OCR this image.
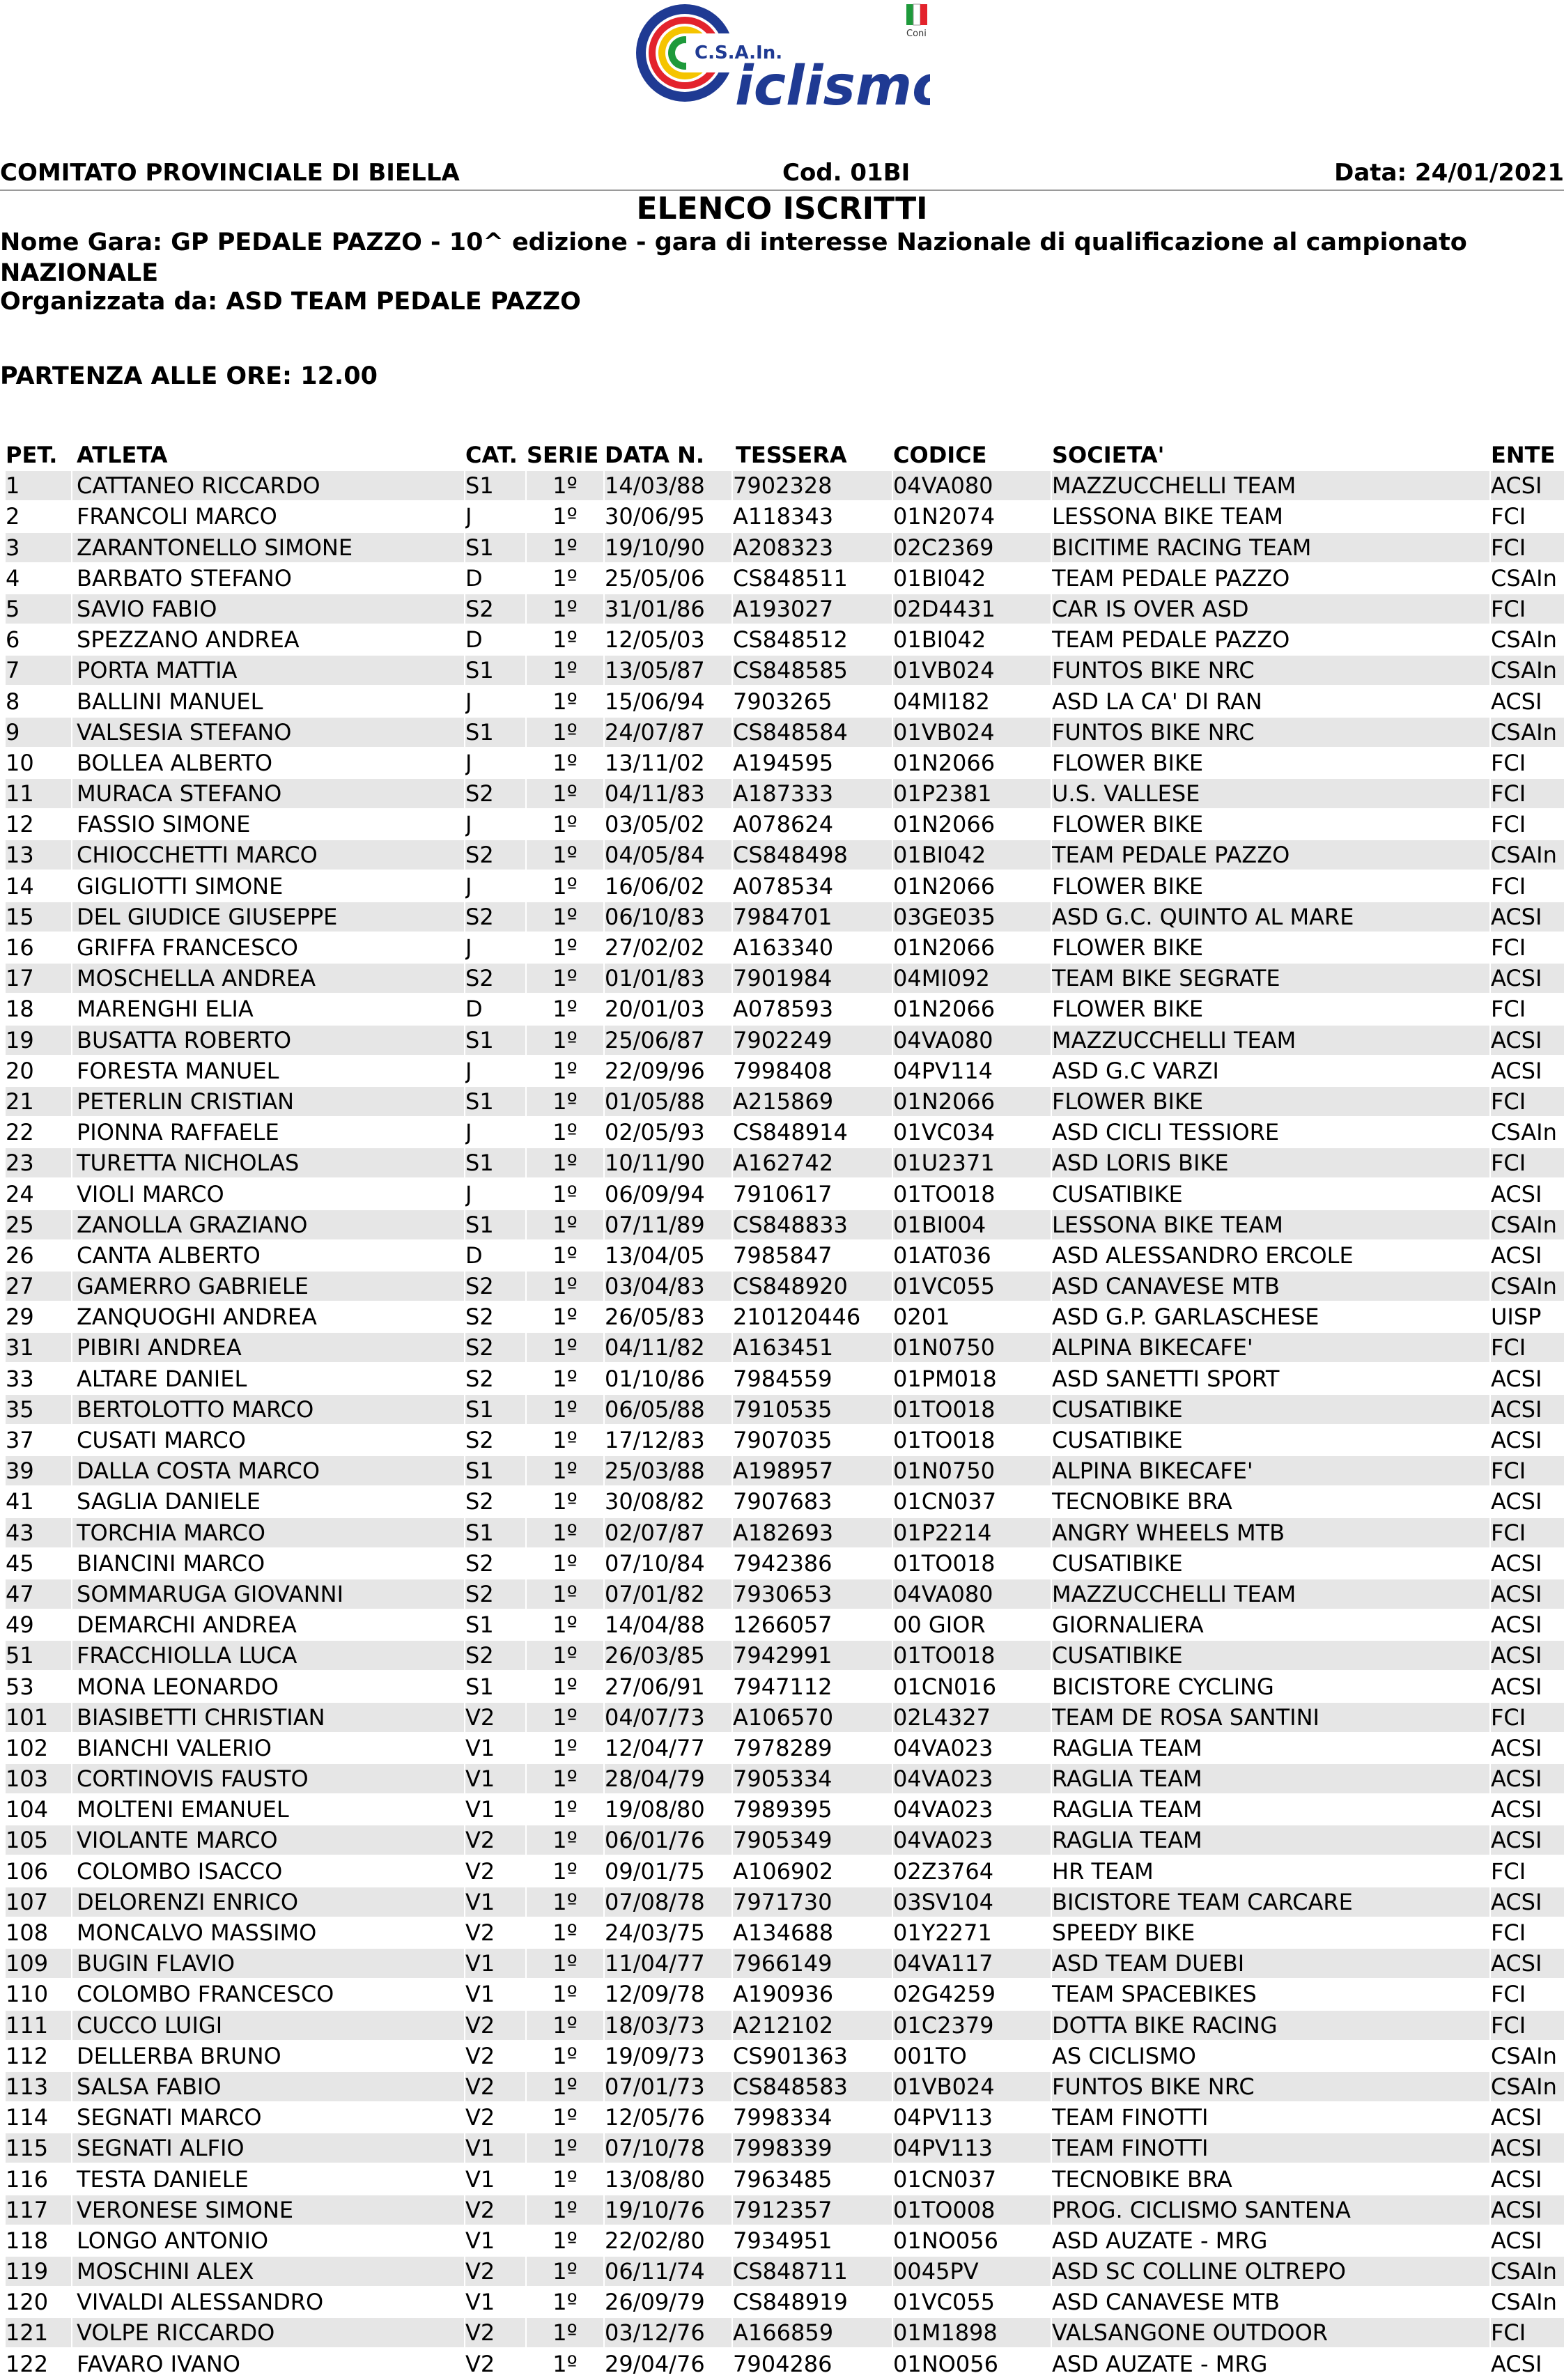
C.S.A.In.
iclismo
Coni
COMITATO PROVINCIALE DI BIELLA	Cod. 01BI	Data: 24/01/2021
ELENCO ISCRITTI
Nome Gara: GP PEDALE PAZZO - 10^ edizione - gara di interesse Nazionale di qualificazione al campionato NAZIONALE
Organizzata da: ASD TEAM PEDALE PAZZO
PARTENZA ALLE ORE: 12.00
PET. ATLETA	CAT. SERIE DATA N.	TESSERA	CODICE	SOCIETA'	ENTE
1	CATTANEO RICCARDO	S1	1º	14/03/88	7902328	04VA080	MAZZUCCHELLI TEAM	ACSI
2	FRANCOLI MARCO	J	1º	30/06/95	A118343	01N2074	LESSONA BIKE TEAM	FCI
3	ZARANTONELLO SIMONE	S1	1º	19/10/90	A208323	02C2369	BICITIME RACING TEAM	FCI
4	BARBATO STEFANO	D	1º	25/05/06	CS848511	01BI042	TEAM PEDALE PAZZO	CSAIn
5	SAVIO FABIO	S2	1º	31/01/86	A193027	02D4431	CAR IS OVER ASD	FCI
6	SPEZZANO ANDREA	D	1º	12/05/03	CS848512	01BI042	TEAM PEDALE PAZZO	CSAIn
7	PORTA MATTIA	S1	1º	13/05/87	CS848585	01VB024	FUNTOS BIKE NRC	CSAIn
8	BALLINI MANUEL	J	1º	15/06/94	7903265	04MI182	ASD LA CA' DI RAN	ACSI
9	VALSESIA STEFANO	S1	1º	24/07/87	CS848584	01VB024	FUNTOS BIKE NRC	CSAIn
10	BOLLEA ALBERTO	J	1º	13/11/02	A194595	01N2066	FLOWER BIKE	FCI
11	MURACA STEFANO	S2	1º	04/11/83	A187333	01P2381	U.S. VALLESE	FCI
12	FASSIO SIMONE	J	1º	03/05/02	A078624	01N2066	FLOWER BIKE	FCI
13	CHIOCCHETTI MARCO	S2	1º	04/05/84	CS848498	01BI042	TEAM PEDALE PAZZO	CSAIn
14	GIGLIOTTI SIMONE	J	1º	16/06/02	A078534	01N2066	FLOWER BIKE	FCI
15	DEL GIUDICE GIUSEPPE	S2	1º	06/10/83	7984701	03GE035	ASD G.C. QUINTO AL MARE	ACSI
16	GRIFFA FRANCESCO	J	1º	27/02/02	A163340	01N2066	FLOWER BIKE	FCI
17	MOSCHELLA ANDREA	S2	1º	01/01/83	7901984	04MI092	TEAM BIKE SEGRATE	ACSI
18	MARENGHI ELIA	D	1º	20/01/03	A078593	01N2066	FLOWER BIKE	FCI
19	BUSATTA ROBERTO	S1	1º	25/06/87	7902249	04VA080	MAZZUCCHELLI TEAM	ACSI
20	FORESTA MANUEL	J	1º	22/09/96	7998408	04PV114	ASD G.C VARZI	ACSI
21	PETERLIN CRISTIAN	S1	1º	01/05/88	A215869	01N2066	FLOWER BIKE	FCI
22	PIONNA RAFFAELE	J	1º	02/05/93	CS848914	01VC034	ASD CICLI TESSIORE	CSAIn
23	TURETTA NICHOLAS	S1	1º	10/11/90	A162742	01U2371	ASD LORIS BIKE	FCI
24	VIOLI MARCO	J	1º	06/09/94	7910617	01TO018	CUSATIBIKE	ACSI
25	ZANOLLA GRAZIANO	S1	1º	07/11/89	CS848833	01BI004	LESSONA BIKE TEAM	CSAIn
26	CANTA ALBERTO	D	1º	13/04/05	7985847	01AT036	ASD ALESSANDRO ERCOLE	ACSI
27	GAMERRO GABRIELE	S2	1º	03/04/83	CS848920	01VC055	ASD CANAVESE MTB	CSAIn
29	ZANQUOGHI ANDREA	S2	1º	26/05/83	210120446	0201	ASD G.P. GARLASCHESE	UISP
31	PIBIRI ANDREA	S2	1º	04/11/82	A163451	01N0750	ALPINA BIKECAFE'	FCI
33	ALTARE DANIEL	S2	1º	01/10/86	7984559	01PM018	ASD SANETTI SPORT	ACSI
35	BERTOLOTTO MARCO	S1	1º	06/05/88	7910535	01TO018	CUSATIBIKE	ACSI
37	CUSATI MARCO	S2	1º	17/12/83	7907035	01TO018	CUSATIBIKE	ACSI
39	DALLA COSTA MARCO	S1	1º	25/03/88	A198957	01N0750	ALPINA BIKECAFE'	FCI
41	SAGLIA DANIELE	S2	1º	30/08/82	7907683	01CN037	TECNOBIKE BRA	ACSI
43	TORCHIA MARCO	S1	1º	02/07/87	A182693	01P2214	ANGRY WHEELS MTB	FCI
45	BIANCINI MARCO	S2	1º	07/10/84	7942386	01TO018	CUSATIBIKE	ACSI
47	SOMMARUGA GIOVANNI	S2	1º	07/01/82	7930653	04VA080	MAZZUCCHELLI TEAM	ACSI
49	DEMARCHI ANDREA	S1	1º	14/04/88	1266057	00 GIOR	GIORNALIERA	ACSI
51	FRACCHIOLLA LUCA	S2	1º	26/03/85	7942991	01TO018	CUSATIBIKE	ACSI
53	MONA LEONARDO	S1	1º	27/06/91	7947112	01CN016	BICISTORE CYCLING	ACSI
101	BIASIBETTI CHRISTIAN	V2	1º	04/07/73	A106570	02L4327	TEAM DE ROSA SANTINI	FCI
102	BIANCHI VALERIO	V1	1º	12/04/77	7978289	04VA023	RAGLIA TEAM	ACSI
103	CORTINOVIS FAUSTO	V1	1º	28/04/79	7905334	04VA023	RAGLIA TEAM	ACSI
104	MOLTENI EMANUEL	V1	1º	19/08/80	7989395	04VA023	RAGLIA TEAM	ACSI
105	VIOLANTE MARCO	V2	1º	06/01/76	7905349	04VA023	RAGLIA TEAM	ACSI
106	COLOMBO ISACCO	V2	1º	09/01/75	A106902	02Z3764	HR TEAM	FCI
107	DELORENZI ENRICO	V1	1º	07/08/78	7971730	03SV104	BICISTORE TEAM CARCARE	ACSI
108	MONCALVO MASSIMO	V2	1º	24/03/75	A134688	01Y2271	SPEEDY BIKE	FCI
109	BUGIN FLAVIO	V1	1º	11/04/77	7966149	04VA117	ASD TEAM DUEBI	ACSI
110	COLOMBO FRANCESCO	V1	1º	12/09/78	A190936	02G4259	TEAM SPACEBIKES	FCI
111	CUCCO LUIGI	V2	1º	18/03/73	A212102	01C2379	DOTTA BIKE RACING	FCI
112	DELLERBA BRUNO	V2	1º	19/09/73	CS901363	001TO	AS CICLISMO	CSAIn
113	SALSA FABIO	V2	1º	07/01/73	CS848583	01VB024	FUNTOS BIKE NRC	CSAIn
114	SEGNATI MARCO	V2	1º	12/05/76	7998334	04PV113	TEAM FINOTTI	ACSI
115	SEGNATI ALFIO	V1	1º	07/10/78	7998339	04PV113	TEAM FINOTTI	ACSI
116	TESTA DANIELE	V1	1º	13/08/80	7963485	01CN037	TECNOBIKE BRA	ACSI
117	VERONESE SIMONE	V2	1º	19/10/76	7912357	01TO008	PROG. CICLISMO SANTENA	ACSI
118	LONGO ANTONIO	V1	1º	22/02/80	7934951	01NO056	ASD AUZATE - MRG	ACSI
119	MOSCHINI ALEX	V2	1º	06/11/74	CS848711	0045PV	ASD SC COLLINE OLTREPO	CSAIn
120	VIVALDI ALESSANDRO	V1	1º	26/09/79	CS848919	01VC055	ASD CANAVESE MTB	CSAIn
121	VOLPE RICCARDO	V2	1º	03/12/76	A166859	01M1898	VALSANGONE OUTDOOR	FCI
122	FAVARO IVANO	V2	1º	29/04/76	7904286	01NO056	ASD AUZATE - MRG	ACSI
